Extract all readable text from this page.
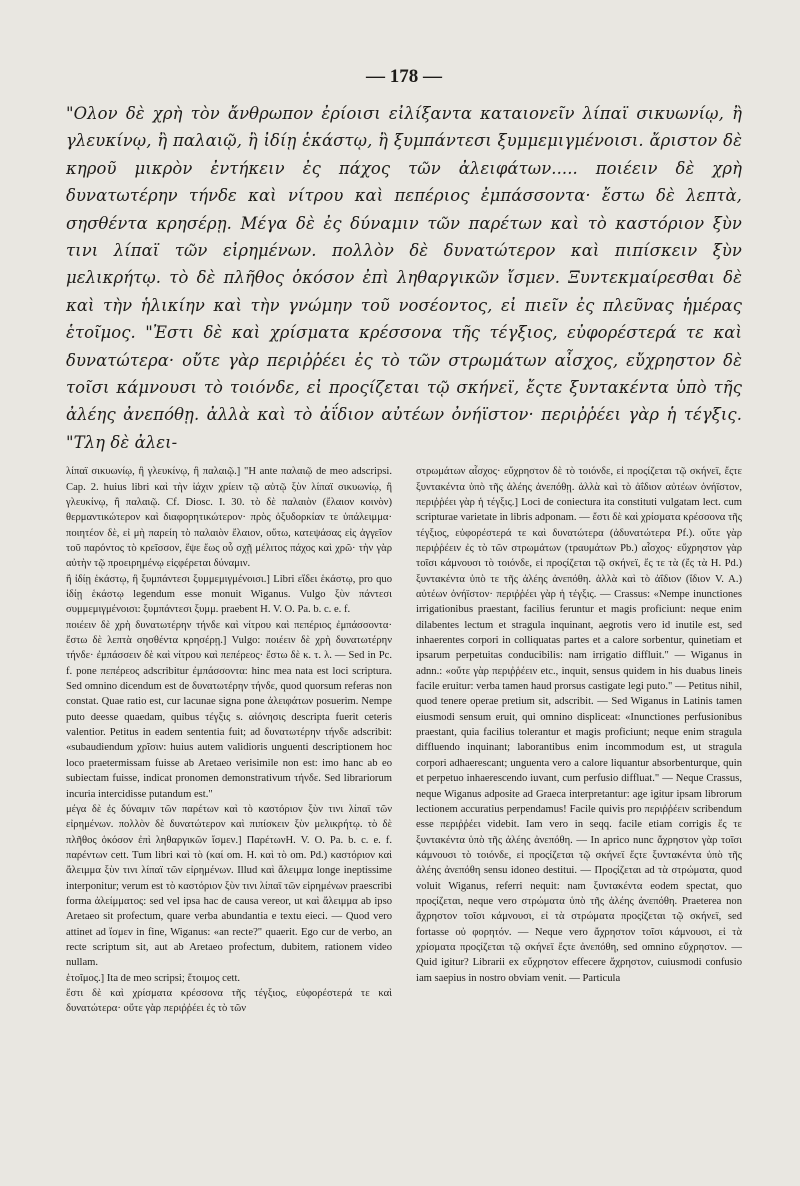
— 178 —

"Ολον δὲ χρὴ τὸν ἄνθρωπον ἐρίοισι εἰλίξαντα καταιονεῖν λίπαϊ σικυωνίῳ, ἢ γλευκίνῳ, ἢ παλαιῷ, ἢ ἰδίῃ ἑκάστῳ, ἢ ξυμπάντεσι ξυμμεμιγμένοισι. ἄριστον δὲ κηροῦ μικρὸν ἐντήκειν ἐς πάχος τῶν ἀλειφάτων..... ποιέειν δὲ χρὴ δυνατωτέρην τήνδε καὶ νίτρου καὶ πεπέριος ἐμπάσσοντα· ἔστω δὲ λεπτὰ, σησθέντα κρησέρῃ. Μέγα δὲ ἐς δύναμιν τῶν παρέτων καὶ τὸ καστόριον ξὺν τινι λίπαϊ τῶν εἰρημένων. πολλὸν δὲ δυνατώτερον καὶ πιπίσκειν ξὺν μελικρήτῳ. τὸ δὲ πλῆθος ὁκόσον ἐπὶ ληθαργικῶν ἴσμεν. Ξυντεκμαίρεσθαι δὲ καὶ τὴν ἡλικίην καὶ τὴν γνώμην τοῦ νοσέοντος, εἰ πιεῖν ἐς πλεῦνας ἡμέρας ἑτοῖμος. "Ἐστι δὲ καὶ χρίσματα κρέσσονα τῆς τέγξιος, εὐφορέστερά τε καὶ δυνατώτερα· οὔτε γὰρ περιῤῥέει ἐς τὸ τῶν στρωμάτων αἶσχος, εὔχρηστον δὲ τοῖσι κάμνουσι τὸ τοιόνδε, εἰ προςίζεται τῷ σκήνεϊ, ἔςτε ξυντακέντα ὑπὸ τῆς ἀλέης ἀνεπόθῃ. ἀλλὰ καὶ τὸ ἀΐδιον αὐτέων ὀνήϊστον· περιῤῥέει γὰρ ἡ τέγξις. "Τλη δὲ ἀλει-

λίπαϊ σικυωνίῳ, ἢ γλευκίνῳ, ἢ παλαιῷ.] "H ante παλαιῷ de meo adscripsi. Cap. 2. huius libri καὶ τὴν ἰάχιν χρίειν τῷ αὐτῷ ξὺν λίπαϊ σικυωνίῳ, ἢ γλευκίνῳ, ἢ παλαιῷ. Cf. Diosc. I. 30. τὸ δὲ παλαιὸν (ἔλαιον κοινὸν) θερμαντικώτερον καὶ διαφορητικώτερον· πρὸς ὀξυδορκίαν τε ὑπάλειμμα· ποιητέον δὲ, εἰ μὴ παρείη τὸ παλαιὸν ἔλαιον, οὕτω, κατεψάσας εἰς ἀγγεῖον τοῦ παρόντος τὸ κρεῖσσον, ἕψε ἕως οὗ σχῇ μέλιτος πάχος καὶ χρῶ· τὴν γὰρ αὐτὴν τῷ προειρημένῳ εἰςφέρεται δύναμιν.

ἢ ἰδίῃ ἑκάστῳ, ἢ ξυμπάντεσι ξυμμεμιγμένοισι.] Libri εἴδει ἑκάστῳ, pro quo ἰδίῃ ἑκάστῳ legendum esse monuit Wiganus. Vulgo ξὺν πάντεσι συμμεμιγμένοισι: ξυμπάντεσι ξυμμ. praebent H. V. O. Pa. b. c. e. f.

ποιέειν δὲ χρὴ δυνατωτέρην τήνδε καὶ νίτρου καὶ πεπέριος ἐμπάσσοντα· ἔστω δὲ λεπτὰ σησθέντα κρησέρῃ.] Vulgo: ποιέειν δὲ χρὴ δυνατωτέρην τήνδε· ἐμπάσσειν δὲ καὶ νίτρου καὶ πεπέρεος· ἔστω δὲ κ. τ. λ. — Sed in Pc. f. pone πεπέρεος adscribitur ἐμπάσσοντα: hinc mea nata est loci scriptura. Sed omnino dicendum est de δυνατωτέρην τήνδε, quod quorsum referas non constat. Quae ratio est, cur lacunae signa pone ἀλειφάτων posuerim. Nempe puto deesse quaedam, quibus τέγξις s. αἰόνησις descripta fuerit ceteris valentior. Petitus in eadem sententia fuit; ad δυνατωτέρην τήνδε adscribit: «subaudiendum χρῖσιν: huius autem validioris unguenti descriptionem hoc loco praetermissam fuisse ab Aretaeo verisimile non est: imo hanc ab eo subiectam fuisse, indicat pronomen demonstrativum τήνδε. Sed librariorum incuria intercidisse putandum est."

μέγα δὲ ἐς δύναμιν τῶν παρέτων καὶ τὸ καστόριον ξὺν τινι λίπαϊ τῶν εἰρημένων. πολλὸν δὲ δυνατώτερον καὶ πιπίσκειν ξὺν μελικρήτῳ. τὸ δὲ πλῆθος ὁκόσον ἐπὶ ληθαργικῶν ἴσμεν.] ΠαρέτωνH. V. O. Pa. b. c. e. f. παρέντων cett. Tum libri καὶ τὸ (καί om. H. καὶ τὸ om. Pd.) καστόριον καὶ ἄλειμμα ξὺν τινι λίπαϊ τῶν εἰρημένων. Illud καὶ ἄλειμμα longe ineptissime interponitur; verum est τὸ καστόριον ξὺν τινι λίπαϊ τῶν εἰρημένων praescribi forma ἀλείμματος: sed vel ipsa hac de causa vereor, ut καὶ ἄλειμμα ab ipso Aretaeo sit profectum, quare verba abundantia e textu eieci. — Quod vero attinet ad ἴσμεν in fine, Wiganus: «an recte?" quaerit. Ego cur de verbo, an recte scriptum sit, aut ab Aretaeo profectum, dubitem, rationem video nullam.

ἑτοῖμος.] Ita de meo scripsi; ἕτοιμος cett.

ἔστι δὲ καὶ χρίσματα κρέσσονα τῆς τέγξιος, εὐφορέστερά τε καὶ δυνατώτερα· οὔτε γὰρ περιῤῥέει ἐς τὸ τῶν

στρωμάτων αἶσχος· εὔχρηστον δὲ τὸ τοιόνδε, εἰ προςίζεται τῷ σκήνεϊ, ἔςτε ξυντακέντα ὑπὸ τῆς ἀλέης ἀνεπόθῃ. ἀλλὰ καὶ τὸ ἀΐδιον αὐτέων ὀνήϊστον, περιῤῥέει γὰρ ἡ τέγξις.] Loci de coniectura ita constituti vulgatam lect. cum scripturae varietate in libris adponam. — ἔστι δὲ καὶ χρίσματα κρέσσονα τῆς τέγξιος, εὐφορέστερά τε καὶ δυνατώτερα (ἀδυνατώτερα Pf.). οὔτε γὰρ περιῤῥέειν ἐς τὸ τῶν στρωμάτων (τραυμάτων Pb.) αἶσχος· εὔχρηστον γὰρ τοῖσι κάμνουσι τὸ τοιόνδε, εἰ προςίζεται τῷ σκήνεϊ, ἔς τε τὰ (ἔς τὰ H. Pd.) ξυντακέντα ὑπὸ τε τῆς ἀλέης ἀνεπόθη. ἀλλὰ καὶ τὸ ἀΐδιον (ἴδιον V. A.) αὐτέων ὀνήϊστον· περιῤῥέει γὰρ ἡ τέγξις. — Crassus: «Nempe inunctiones irrigationibus praestant, facilius feruntur et magis proficiunt: neque enim dilabentes lectum et stragula inquinant, aegrotis vero id inutile est, sed inhaerentes corpori in colliquatas partes et a calore sorbentur, quinetiam et ipsarum perpetuitas conducibilis: nam irrigatio diffluit." — Wiganus in adnn.: «οὔτε γὰρ περιῤῥέειν etc., inquit, sensus quidem in his duabus lineis facile eruitur: verba tamen haud prorsus castigate legi puto." — Petitus nihil, quod tenere operae pretium sit, adscribit. — Sed Wiganus in Latinis tamen eiusmodi sensum eruit, qui omnino displiceat: «Inunctiones perfusionibus praestant, quia facilius tolerantur et magis proficiunt; neque enim stragula diffluendo inquinant; laborantibus enim incommodum est, ut stragula corpori adhaerescant; unguenta vero a calore liquantur absorbenturque, quin et perpetuo inhaerescendo iuvant, cum perfusio diffluat." — Neque Crassus, neque Wiganus adposite ad Graeca interpretantur: age igitur ipsam librorum lectionem accuratius perpendamus! Facile quivis pro περιῤῥέειν scribendum esse περιῤῥέει videbit. Iam vero in seqq. facile etiam corrigis ἔς τε ξυντακέντα ὑπὸ τῆς ἀλέης ἀνεπόθη. — In aprico nunc ἄχρηστον γὰρ τοῖσι κάμνουσι τὸ τοιόνδε, εἰ προςίζεται τῷ σκήνεϊ ἔςτε ξυντακέντα ὑπὸ τῆς ἀλέης ἀνεπόθη sensu idoneo destitui. — Προςίζεται ad τὰ στρώματα, quod voluit Wiganus, referri nequit: nam ξυντακέντα eodem spectat, quo προςίζεται, neque vero στρώματα ὑπὸ τῆς ἀλέης ἀνεπόθη. Praeterea non ἄχρηστον τοῖσι κάμνουσι, εἰ τὰ στρώματα προςίζεται τῷ σκήνεϊ, sed fortasse οὐ φορητόν. — Neque vero ἄχρηστον τοῖσι κάμνουσι, εἰ τὰ χρίσματα προςίζεται τῷ σκήνεϊ ἔςτε ἀνεπόθη, sed omnino εὔχρηστον. — Quid igitur? Librarii ex εὔχρηστον effecere ἄχρηστον, cuiusmodi confusio iam saepius in nostro obviam venit. — Particula
